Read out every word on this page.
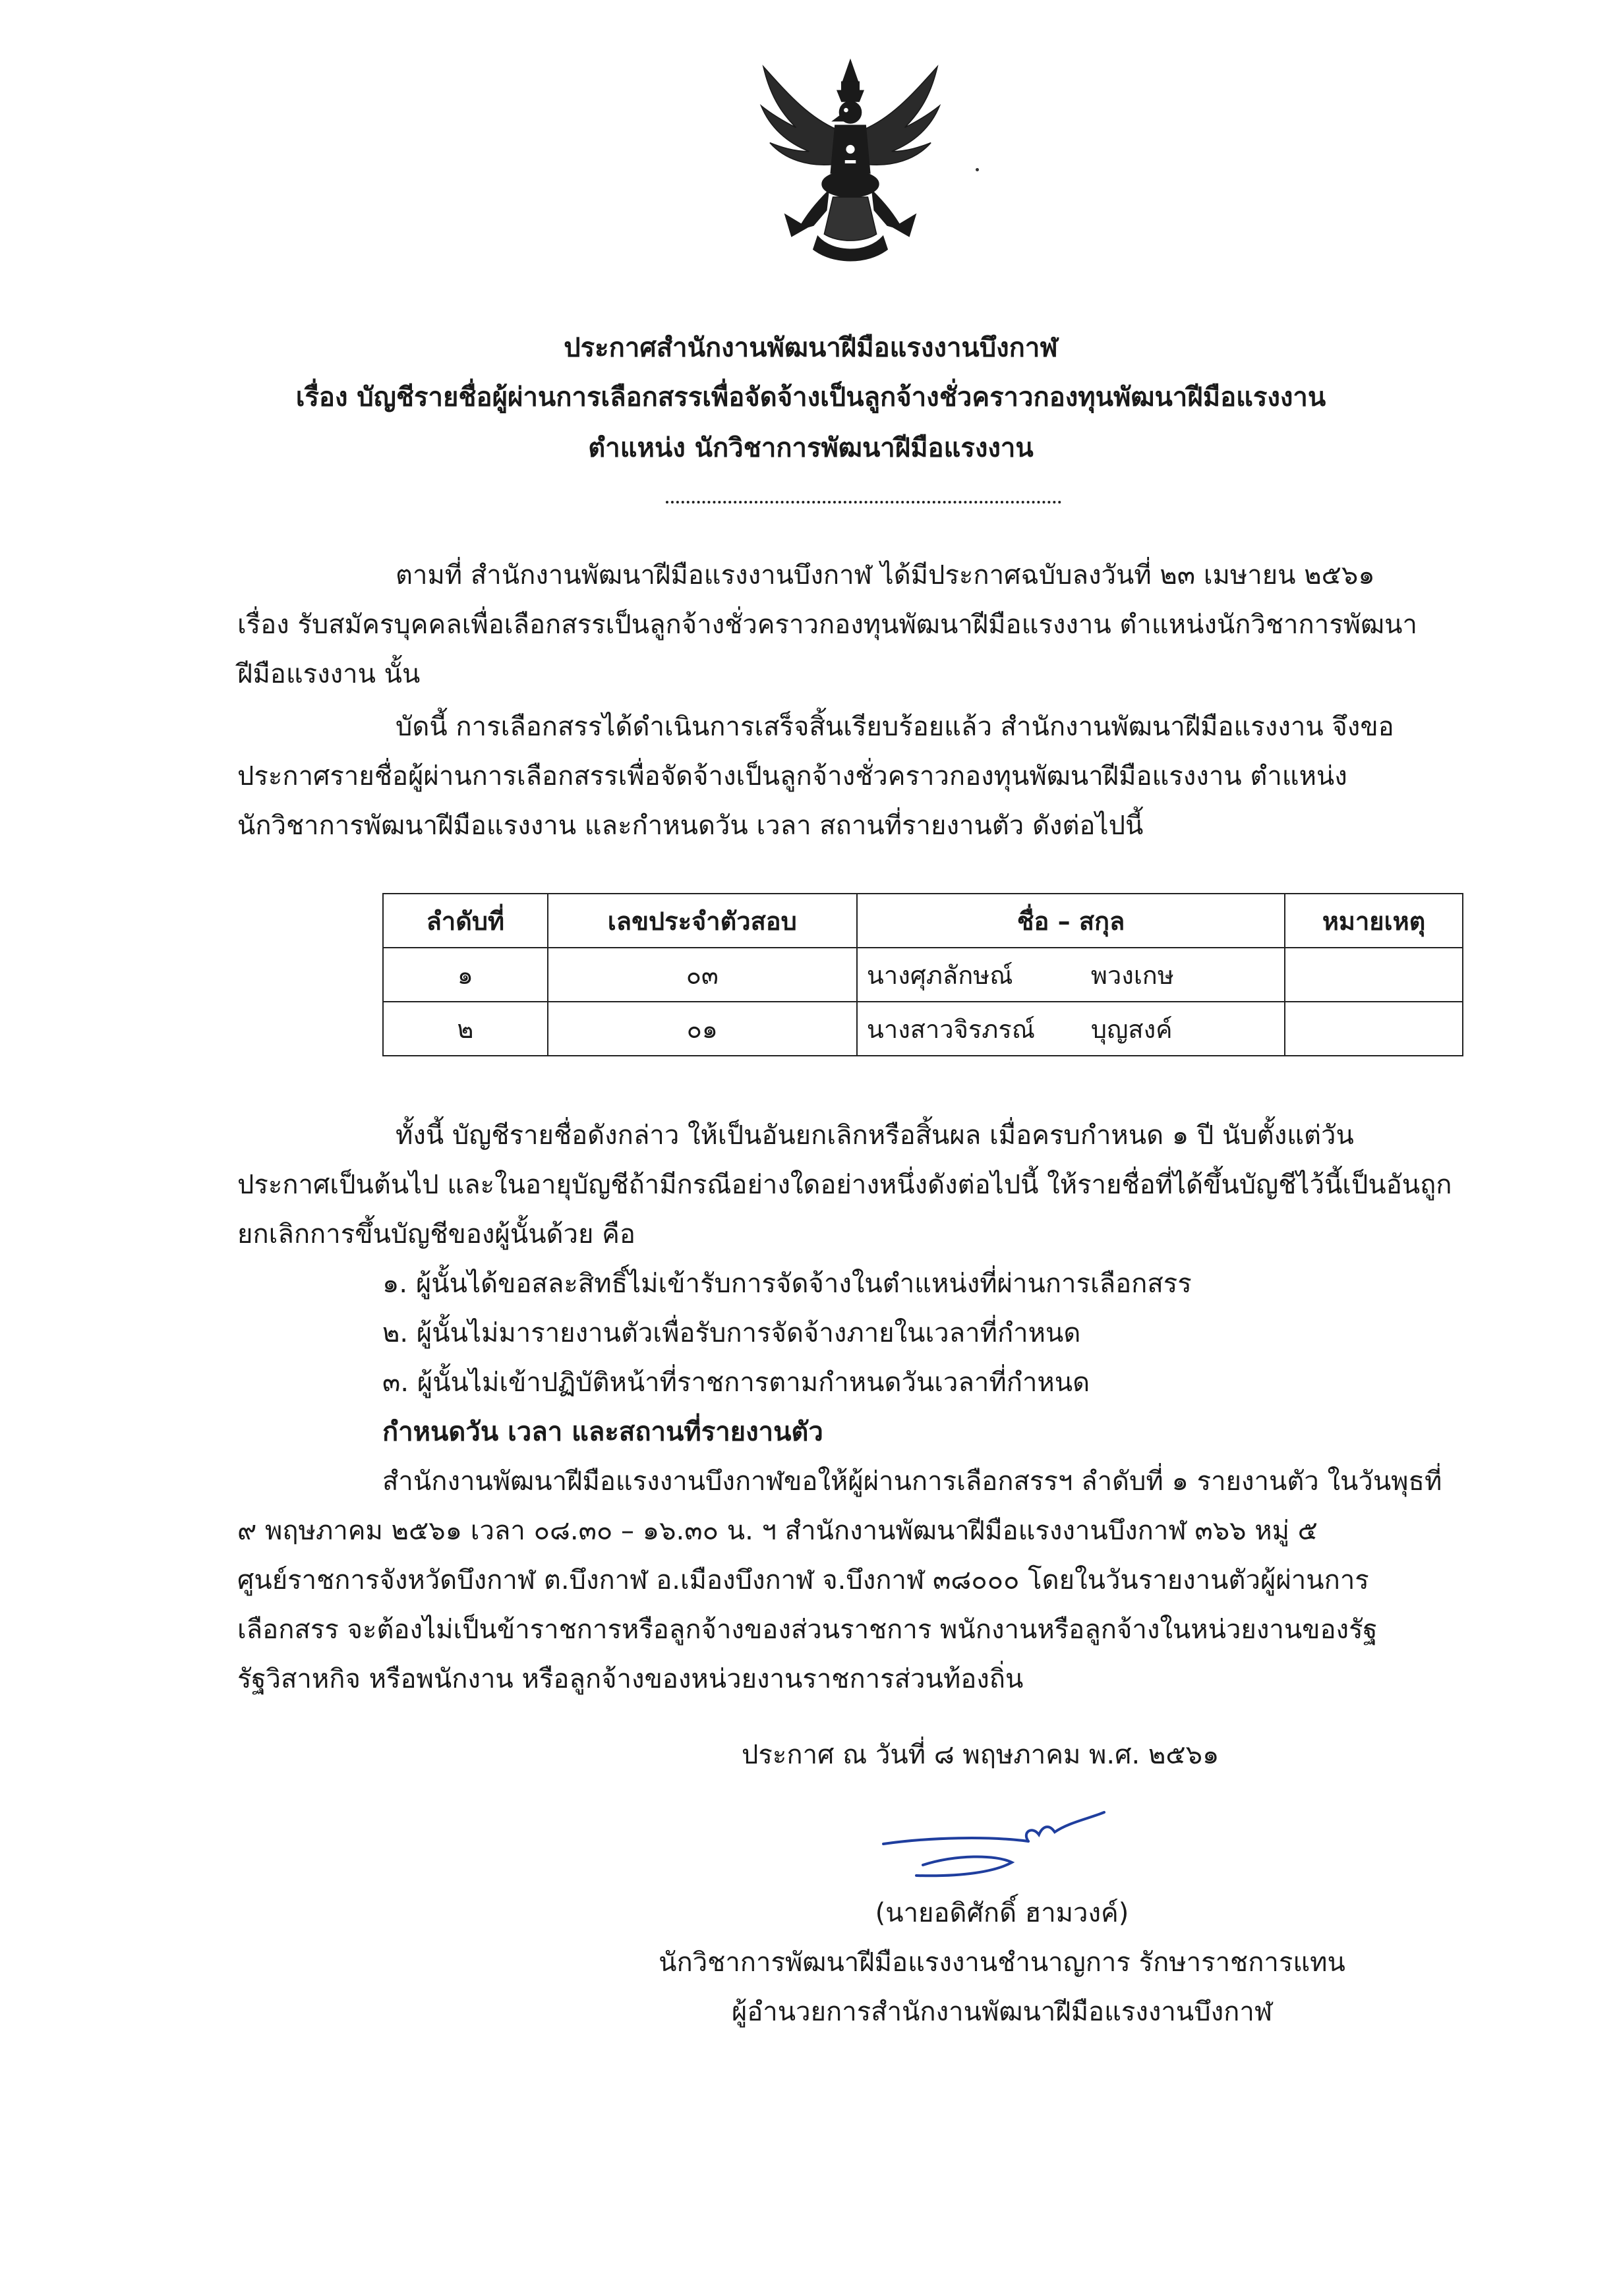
ประกาศสำนักงานพัฒนาฝีมือแรงงานบึงกาฬ
เรื่อง บัญชีรายชื่อผู้ผ่านการเลือกสรรเพื่อจัดจ้างเป็นลูกจ้างชั่วคราวกองทุนพัฒนาฝีมือแรงงาน
ตำแหน่ง นักวิชาการพัฒนาฝีมือแรงงาน
ตามที่ สำนักงานพัฒนาฝีมือแรงงานบึงกาฬ ได้มีประกาศฉบับลงวันที่ ๒๓ เมษายน ๒๕๖๑
เรื่อง รับสมัครบุคคลเพื่อเลือกสรรเป็นลูกจ้างชั่วคราวกองทุนพัฒนาฝีมือแรงงาน ตำแหน่งนักวิชาการพัฒนา
ฝีมือแรงงาน นั้น
บัดนี้ การเลือกสรรได้ดำเนินการเสร็จสิ้นเรียบร้อยแล้ว สำนักงานพัฒนาฝีมือแรงงาน จึงขอ
ประกาศรายชื่อผู้ผ่านการเลือกสรรเพื่อจัดจ้างเป็นลูกจ้างชั่วคราวกองทุนพัฒนาฝีมือแรงงาน ตำแหน่ง
นักวิชาการพัฒนาฝีมือแรงงาน และกำหนดวัน เวลา สถานที่รายงานตัว ดังต่อไปนี้
ลำดับที่	เลขประจำตัวสอบ	ชื่อ – สกุล	หมายเหตุ
๑	๐๓	นางศุภลักษณ์ พวงเกษ	
๒	๐๑	นางสาวจิรภรณ์ บุญสงค์	
ทั้งนี้ บัญชีรายชื่อดังกล่าว ให้เป็นอันยกเลิกหรือสิ้นผล เมื่อครบกำหนด ๑ ปี นับตั้งแต่วัน
ประกาศเป็นต้นไป และในอายุบัญชีถ้ามีกรณีอย่างใดอย่างหนึ่งดังต่อไปนี้ ให้รายชื่อที่ได้ขึ้นบัญชีไว้นี้เป็นอันถูก
ยกเลิกการขึ้นบัญชีของผู้นั้นด้วย คือ
๑. ผู้นั้นได้ขอสละสิทธิ์ไม่เข้ารับการจัดจ้างในตำแหน่งที่ผ่านการเลือกสรร
๒. ผู้นั้นไม่มารายงานตัวเพื่อรับการจัดจ้างภายในเวลาที่กำหนด
๓. ผู้นั้นไม่เข้าปฏิบัติหน้าที่ราชการตามกำหนดวันเวลาที่กำหนด
กำหนดวัน เวลา และสถานที่รายงานตัว
สำนักงานพัฒนาฝีมือแรงงานบึงกาฬขอให้ผู้ผ่านการเลือกสรรฯ ลำดับที่ ๑ รายงานตัว ในวันพุธที่
๙ พฤษภาคม ๒๕๖๑ เวลา ๐๘.๓๐ – ๑๖.๓๐ น. ฯ สำนักงานพัฒนาฝีมือแรงงานบึงกาฬ ๓๖๖ หมู่ ๕
ศูนย์ราชการจังหวัดบึงกาฬ ต.บึงกาฬ อ.เมืองบึงกาฬ จ.บึงกาฬ ๓๘๐๐๐ โดยในวันรายงานตัวผู้ผ่านการ
เลือกสรร จะต้องไม่เป็นข้าราชการหรือลูกจ้างของส่วนราชการ พนักงานหรือลูกจ้างในหน่วยงานของรัฐ
รัฐวิสาหกิจ หรือพนักงาน หรือลูกจ้างของหน่วยงานราชการส่วนท้องถิ่น
ประกาศ ณ วันที่ ๘ พฤษภาคม พ.ศ. ๒๕๖๑
(นายอดิศักดิ์ ฮามวงค์)
นักวิชาการพัฒนาฝีมือแรงงานชำนาญการ รักษาราชการแทน
ผู้อำนวยการสำนักงานพัฒนาฝีมือแรงงานบึงกาฬ
